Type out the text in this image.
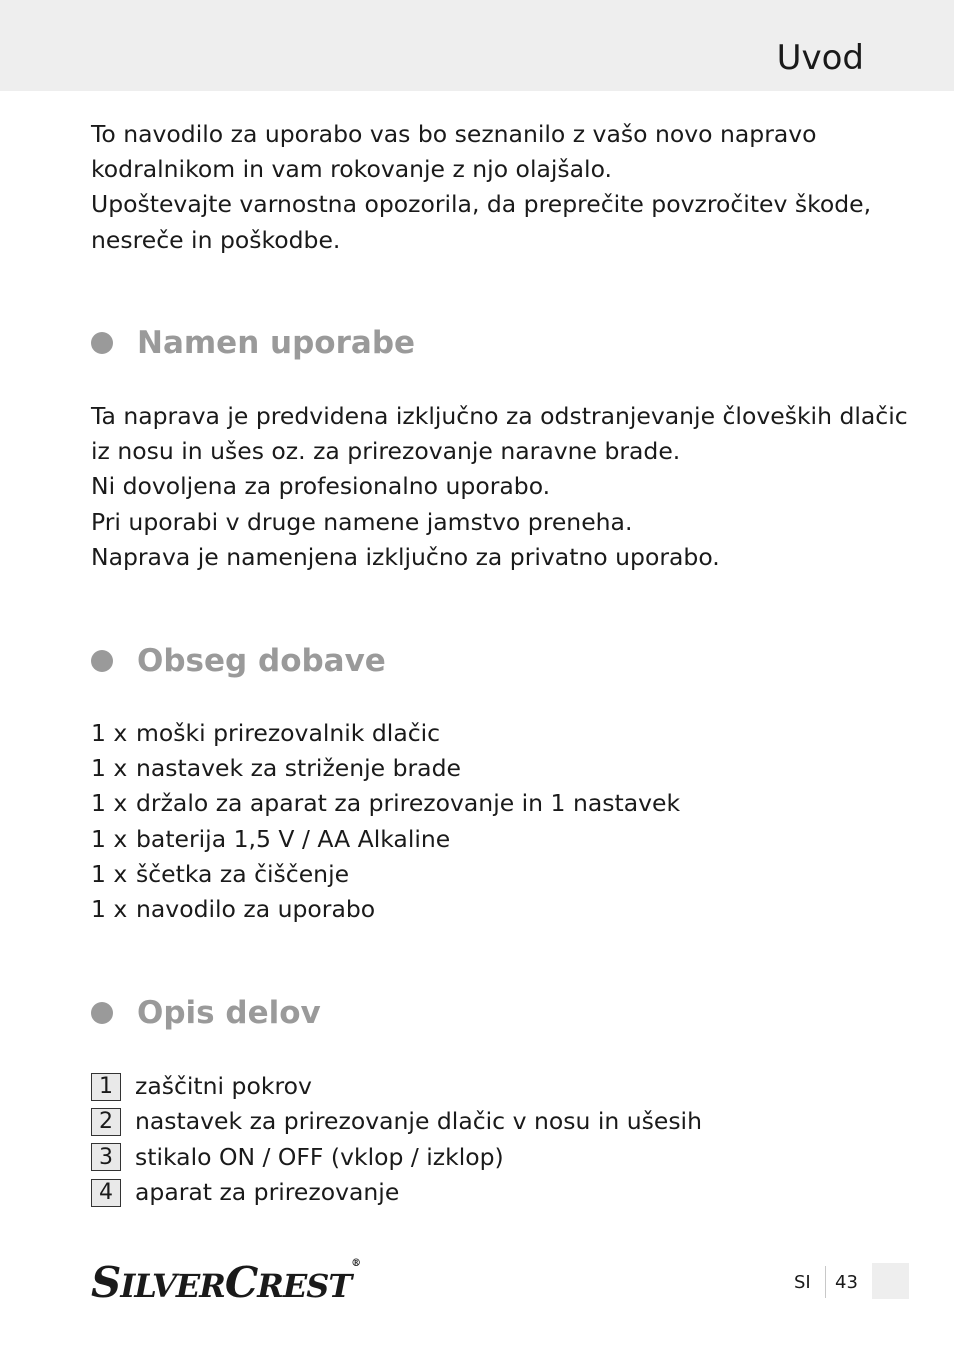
Uvod
To navodilo za uporabo vas bo seznanilo z vašo novo napravo
kodralnikom in vam rokovanje z njo olajšalo.
Upoštevajte varnostna opozorila, da preprečite povzročitev škode,
nesreče in poškodbe.
Namen uporabe
Ta naprava je predvidena izključno za odstranjevanje človeških dlačic
iz nosu in ušes oz. za prirezovanje naravne brade.
Ni dovoljena za profesionalno uporabo.
Pri uporabi v druge namene jamstvo preneha.
Naprava je namenjena izključno za privatno uporabo.
Obseg dobave
1 x moški prirezovalnik dlačic
1 x nastavek za striženje brade
1 x držalo za aparat za prirezovanje in 1 nastavek
1 x baterija 1,5 V / AA Alkaline
1 x ščetka za čiščenje
1 x navodilo za uporabo
Opis delov
1 zaščitni pokrov
2 nastavek za prirezovanje dlačic v nosu in ušesih
3 stikalo ON / OFF (vklop / izklop)
4 aparat za prirezovanje
SILVERCREST®
SI 43
